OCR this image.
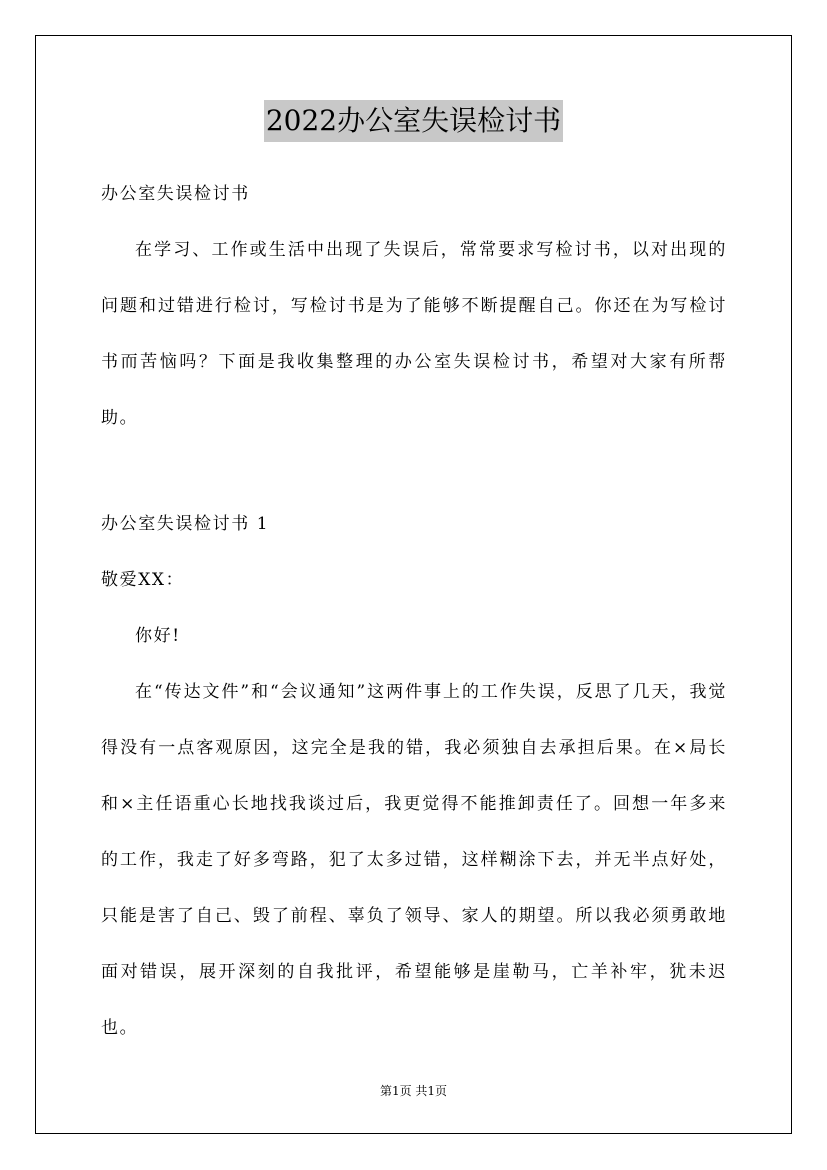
2022办公室失误检讨书
办公室失误检讨书

在学习、工作或生活中出现了失误后，常常要求写检讨书，以对出现的问题和过错进行检讨，写检讨书是为了能够不断提醒自己。你还在为写检讨书而苦恼吗？下面是我收集整理的办公室失误检讨书，希望对大家有所帮助。

办公室失误检讨书 1
敬爱XX：
你好!

在“传达文件”和“会议通知”这两件事上的工作失误，反思了几天，我觉得没有一点客观原因，这完全是我的错，我必须独自去承担后果。在×局长和×主任语重心长地找我谈过后，我更觉得不能推卸责任了。回想一年多来的工作，我走了好多弯路，犯了太多过错，这样糊涂下去，并无半点好处，只能是害了自己、毁了前程、辜负了领导、家人的期望。所以我必须勇敢地面对错误，展开深刻的自我批评，希望能够是崖勒马，亡羊补牢，犹未迟也。

第1页 共1页
